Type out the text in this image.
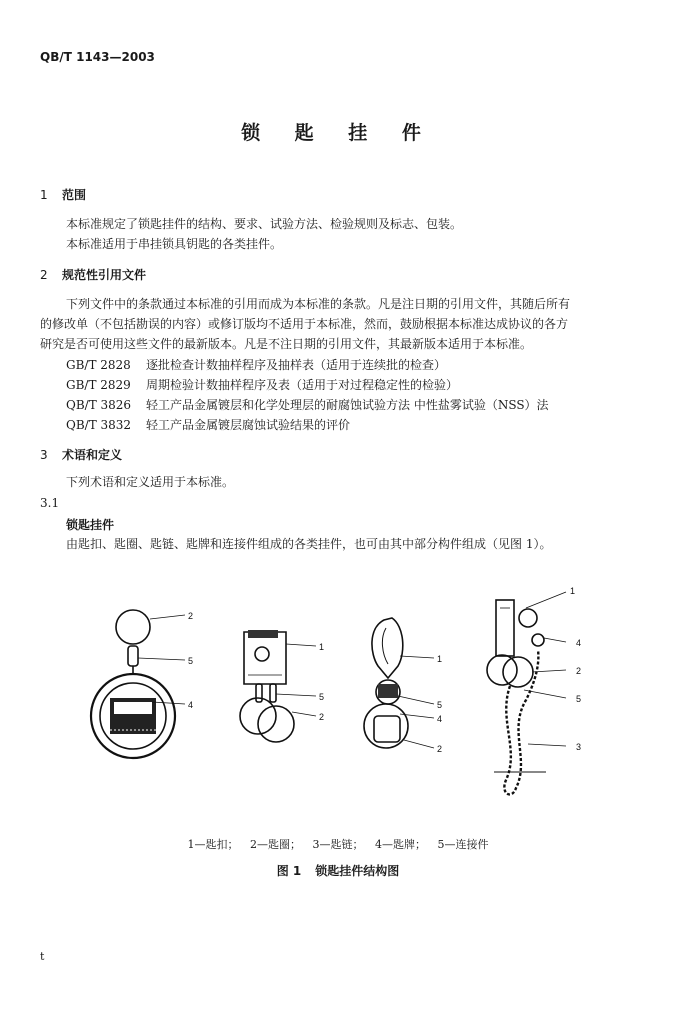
QB/T 1143—2003
锁 匙 挂 件
1 范围
本标准规定了锁匙挂件的结构、要求、试验方法、检验规则及标志、包装。
本标准适用于串挂锁具钥匙的各类挂件。
2 规范性引用文件
下列文件中的条款通过本标准的引用而成为本标准的条款。凡是注日期的引用文件，其随后所有
的修改单（不包括勘误的内容）或修订版均不适用于本标准，然而，鼓励根据本标准达成协议的各方
研究是否可使用这些文件的最新版本。凡是不注日期的引用文件，其最新版本适用于本标准。
GB/T 2828 逐批检查计数抽样程序及抽样表（适用于连续批的检查）
GB/T 2829 周期检验计数抽样程序及表（适用于对过程稳定性的检验）
QB/T 3826 轻工产品金属镀层和化学处理层的耐腐蚀试验方法 中性盐雾试验（NSS）法
QB/T 3832 轻工产品金属镀层腐蚀试验结果的评价
3 术语和定义
下列术语和定义适用于本标准。
3.1
锁匙挂件
由匙扣、匙圈、匙链、匙牌和连接件组成的各类挂件，也可由其中部分构件组成（见图 1）。
2
5
4
1
5
2
1
5
4
2
1
4
2
5
3
1—匙扣； 2—匙圈； 3—匙链； 4—匙牌； 5—连接件
图 1 锁匙挂件结构图
t
